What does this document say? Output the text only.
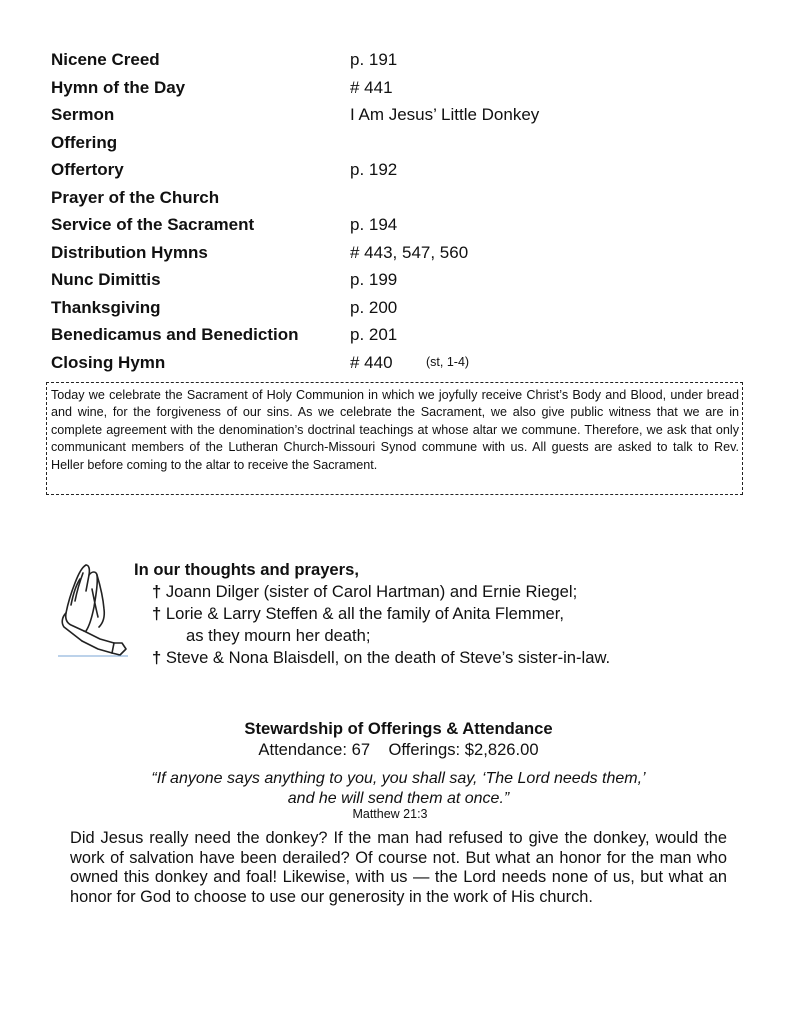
Nicene Creed	p. 191
Hymn of the Day	# 441
Sermon	I Am Jesus’ Little Donkey
Offering
Offertory	p. 192
Prayer of the Church
Service of the Sacrament	p. 194
Distribution Hymns	# 443, 547, 560
Nunc Dimittis	p. 199
Thanksgiving	p. 200
Benedicamus and Benediction	p. 201
Closing Hymn	# 440	(st, 1-4)
Today we celebrate the Sacrament of Holy Communion in which we joyfully receive Christ’s Body and Blood, under bread and wine, for the forgiveness of our sins. As we celebrate the Sacrament, we also give public witness that we are in complete agreement with the denomination’s doctrinal teachings at whose altar we commune. Therefore, we ask that only communicant members of the Lutheran Church-Missouri Synod commune with us. All guests are asked to talk to Rev. Heller before coming to the altar to receive the Sacrament.
In our thoughts and prayers,
† Joann Dilger (sister of Carol Hartman) and Ernie Riegel;
† Lorie & Larry Steffen & all the family of Anita Flemmer,
as they mourn her death;
† Steve & Nona Blaisdell, on the death of Steve’s sister-in-law.
Stewardship of Offerings & Attendance
Attendance: 67 Offerings: $2,826.00
“If anyone says anything to you, you shall say, ‘The Lord needs them,’
and he will send them at once.”
Matthew 21:3
Did Jesus really need the donkey? If the man had refused to give the donkey, would the work of salvation have been derailed? Of course not. But what an honor for the man who owned this donkey and foal! Likewise, with us — the Lord needs none of us, but what an honor for God to choose to use our generosity in the work of His church.
